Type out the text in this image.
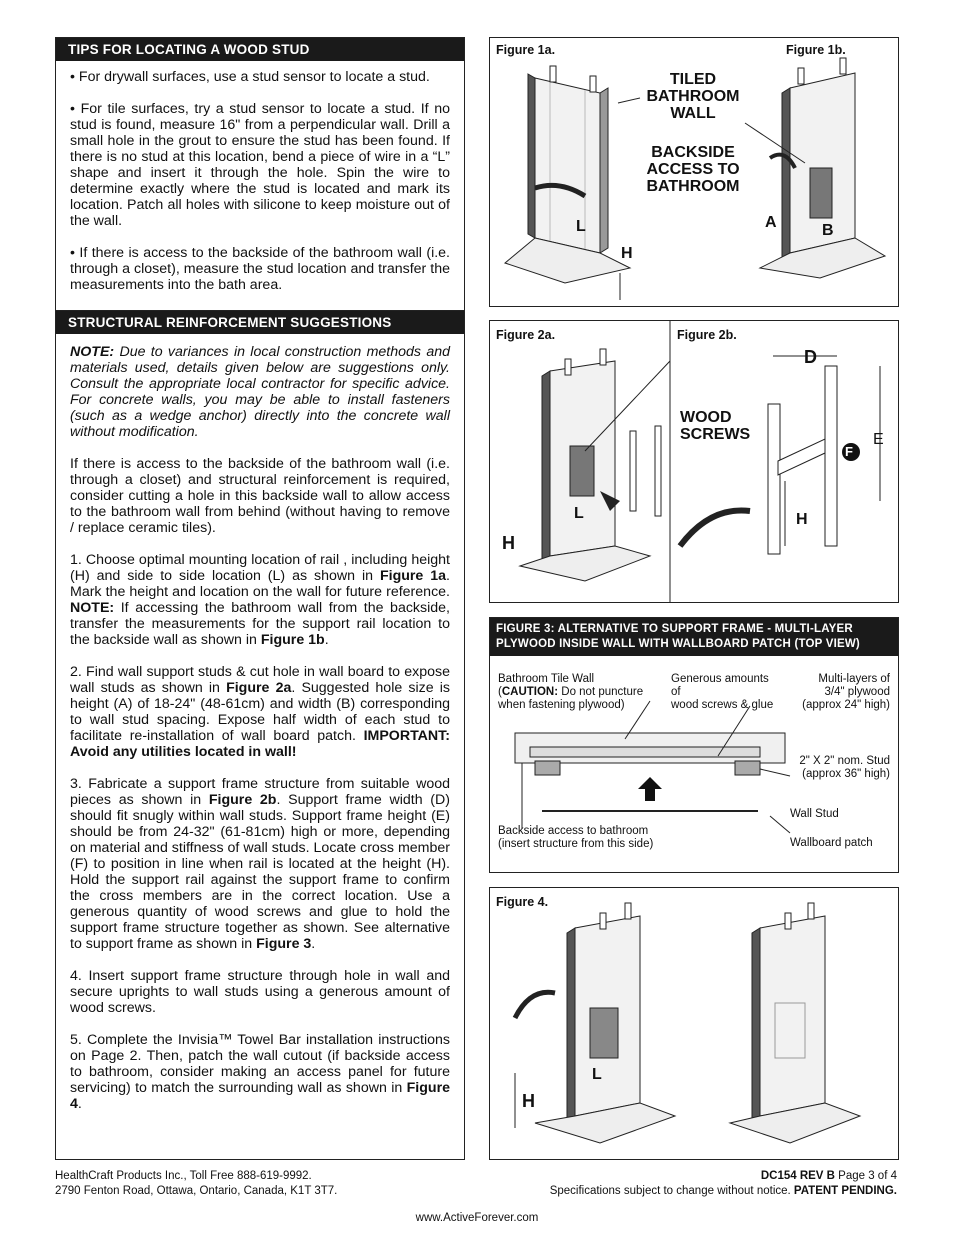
TIPS FOR LOCATING A WOOD STUD

• For drywall surfaces, use a stud sensor to locate a stud.

• For tile surfaces, try a stud sensor to locate a stud. If no stud is found, measure 16" from a perpendicular wall. Drill a small hole in the grout to ensure the stud has been found. If there is no stud at this location, bend a piece of wire in a “L” shape and insert it through the hole. Spin the wire to determine exactly where the stud is located and mark its location. Patch all holes with silicone to keep moisture out of the wall.

• If there is access to the backside of the bathroom wall (i.e. through a closet), measure the stud location and transfer the measurements into the bath area.

STRUCTURAL REINFORCEMENT SUGGESTIONS

NOTE: Due to variances in local construction methods and materials used, details given below are suggestions only. Consult the appropriate local contractor for specific advice. For concrete walls, you may be able to install fasteners (such as a wedge anchor) directly into the concrete wall without modification.

If there is access to the backside of the bathroom wall (i.e. through a closet) and structural reinforcement is required, consider cutting a hole in this backside wall to allow access to the bathroom wall from behind (without having to remove / replace ceramic tiles).

1. Choose optimal mounting location of rail , including height (H) and side to side location (L) as shown in Figure 1a. Mark the height and location on the wall for future reference. NOTE: If accessing the bathroom wall from the backside, transfer the measurements for the support rail location to the backside wall as shown in Figure 1b.

2. Find wall support studs & cut hole in wall board to expose wall studs as shown in Figure 2a. Suggested hole size is height (A) of 18-24" (48-61cm) and width (B) corresponding to wall stud spacing. Expose half width of each stud to facilitate re-installation of wall board patch. IMPORTANT: Avoid any utilities located in wall!

3. Fabricate a support frame structure from suitable wood pieces as shown in Figure 2b. Support frame width (D) should fit snugly within wall studs. Support frame height (E) should be from 24-32" (61-81cm) high or more, depending on material and stiffness of wall studs. Locate cross member (F) to position in line when rail is located at the height (H). Hold the support rail against the support frame to confirm the cross members are in the correct location. Use a generous quantity of wood screws and glue to hold the support frame structure together as shown. See alternative to support frame as shown in Figure 3.

4. Insert support frame structure through hole in wall and secure uprights to wall studs using a generous amount of wood screws.

5. Complete the Invisia™ Towel Bar installation instructions on Page 2. Then, patch the wall cutout (if backside access to bathroom, consider making an access panel for future servicing) to match the surrounding wall as shown in Figure 4.

Figure 1a.	Figure 1b.
TILED
BATHROOM
WALL
BACKSIDE
ACCESS TO
BATHROOM
L
H
A	B
Figure 2a.	Figure 2b.
WOOD
SCREWS
D
E
F
H
L
H
FIGURE 3: ALTERNATIVE TO SUPPORT FRAME - MULTI-LAYER PLYWOOD INSIDE WALL WITH WALLBOARD PATCH (TOP VIEW)
Bathroom Tile Wall
(CAUTION: Do not puncture
when fastening plywood)
Generous amounts of
wood screws & glue
Multi-layers of
3/4" plywood
(approx 24" high)
2" X 2" nom. Stud
(approx 36" high)
Wall Stud
Backside access to bathroom
(insert structure from this side)	Wallboard patch
Figure 4.
L
H
HealthCraft Products Inc., Toll Free 888-619-9992.
2790 Fenton Road, Ottawa, Ontario, Canada, K1T 3T7.
DC154 REV B Page 3 of 4
Specifications subject to change without notice. PATENT PENDING.
www.ActiveForever.com
